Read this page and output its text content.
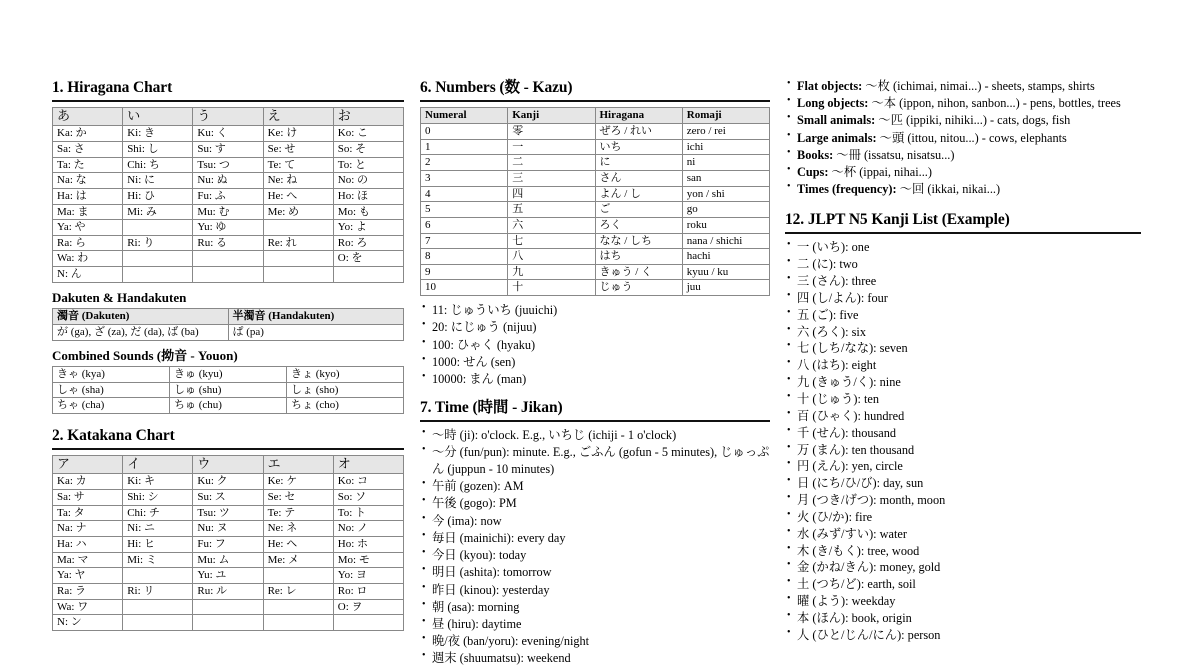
1. Hiragana Chart
あ	い	う	え	お
Ka: か	Ki: き	Ku: く	Ke: け	Ko: こ
Sa: さ	Shi: し	Su: す	Se: せ	So: そ
Ta: た	Chi: ち	Tsu: つ	Te: て	To: と
Na: な	Ni: に	Nu: ぬ	Ne: ね	No: の
Ha: は	Hi: ひ	Fu: ふ	He: へ	Ho: ほ
Ma: ま	Mi: み	Mu: む	Me: め	Mo: も
Ya: や		Yu: ゆ		Yo: よ
Ra: ら	Ri: り	Ru: る	Re: れ	Ro: ろ
Wa: わ				O: を
N: ん				
Dakuten & Handakuten
濁音 (Dakuten)	半濁音 (Handakuten)
が (ga), ざ (za), だ (da), ば (ba)	ぱ (pa)
Combined Sounds (拗音 - Youon)
きゃ (kya)	きゅ (kyu)	きょ (kyo)
しゃ (sha)	しゅ (shu)	しょ (sho)
ちゃ (cha)	ちゅ (chu)	ちょ (cho)
2. Katakana Chart
ア	イ	ウ	エ	オ
Ka: カ	Ki: キ	Ku: ク	Ke: ケ	Ko: コ
Sa: サ	Shi: シ	Su: ス	Se: セ	So: ソ
Ta: タ	Chi: チ	Tsu: ツ	Te: テ	To: ト
Na: ナ	Ni: ニ	Nu: ヌ	Ne: ネ	No: ノ
Ha: ハ	Hi: ヒ	Fu: フ	He: ヘ	Ho: ホ
Ma: マ	Mi: ミ	Mu: ム	Me: メ	Mo: モ
Ya: ヤ		Yu: ユ		Yo: ヨ
Ra: ラ	Ri: リ	Ru: ル	Re: レ	Ro: ロ
Wa: ワ				O: ヲ
N: ン				
6. Numbers (数 - Kazu)
Numeral	Kanji	Hiragana	Romaji
0	零	ぜろ / れい	zero / rei
1	一	いち	ichi
2	二	に	ni
3	三	さん	san
4	四	よん / し	yon / shi
5	五	ご	go
6	六	ろく	roku
7	七	なな / しち	nana / shichi
8	八	はち	hachi
9	九	きゅう / く	kyuu / ku
10	十	じゅう	juu
• 11: じゅういち (juuichi)
• 20: にじゅう (nijuu)
• 100: ひゃく (hyaku)
• 1000: せん (sen)
• 10000: まん (man)
7. Time (時間 - Jikan)
• 〜時 (ji): o'clock. E.g., いちじ (ichiji - 1 o'clock)
• 〜分 (fun/pun): minute. E.g., ごふん (gofun - 5 minutes), じゅっぷん (juppun - 10 minutes)
• 午前 (gozen): AM
• 午後 (gogo): PM
• 今 (ima): now
• 毎日 (mainichi): every day
• 今日 (kyou): today
• 明日 (ashita): tomorrow
• 昨日 (kinou): yesterday
• 朝 (asa): morning
• 昼 (hiru): daytime
• 晩/夜 (ban/yoru): evening/night
• 週末 (shuumatsu): weekend
• Flat objects: 〜枚 (ichimai, nimai...) - sheets, stamps, shirts
• Long objects: 〜本 (ippon, nihon, sanbon...) - pens, bottles, trees
• Small animals: 〜匹 (ippiki, nihiki...) - cats, dogs, fish
• Large animals: 〜頭 (ittou, nitou...) - cows, elephants
• Books: 〜冊 (issatsu, nisatsu...)
• Cups: 〜杯 (ippai, nihai...)
• Times (frequency): 〜回 (ikkai, nikai...)
12. JLPT N5 Kanji List (Example)
• 一 (いち): one
• 二 (に): two
• 三 (さん): three
• 四 (し/よん): four
• 五 (ご): five
• 六 (ろく): six
• 七 (しち/なな): seven
• 八 (はち): eight
• 九 (きゅう/く): nine
• 十 (じゅう): ten
• 百 (ひゃく): hundred
• 千 (せん): thousand
• 万 (まん): ten thousand
• 円 (えん): yen, circle
• 日 (にち/ひ/び): day, sun
• 月 (つき/げつ): month, moon
• 火 (ひ/か): fire
• 水 (みず/すい): water
• 木 (き/もく): tree, wood
• 金 (かね/きん): money, gold
• 土 (つち/ど): earth, soil
• 曜 (よう): weekday
• 本 (ほん): book, origin
• 人 (ひと/じん/にん): person
